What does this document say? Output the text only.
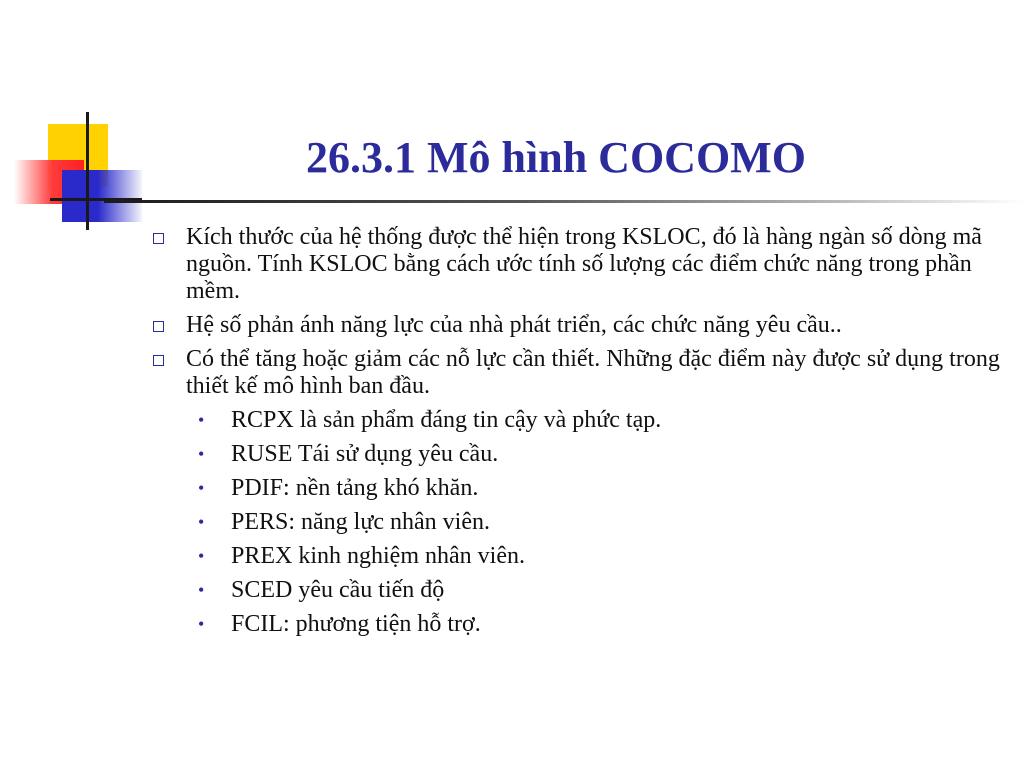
26.3.1 Mô hình COCOMO
Kích thước của hệ thống được thể hiện trong KSLOC, đó là hàng ngàn số dòng mã nguồn. Tính KSLOC bằng cách ước tính số lượng các điểm chức năng trong phần mềm.
Hệ số phản ánh năng lực của nhà phát triển, các chức năng yêu cầu..
Có thể tăng hoặc giảm các nỗ lực cần thiết. Những đặc điểm này được sử dụng trong thiết kế mô hình ban đầu.
• RCPX là sản phẩm đáng tin cậy và phức tạp.
• RUSE Tái sử dụng yêu cầu.
• PDIF: nền tảng khó khăn.
• PERS: năng lực nhân viên.
• PREX kinh nghiệm nhân viên.
• SCED yêu cầu tiến độ
• FCIL: phương tiện hỗ trợ.
